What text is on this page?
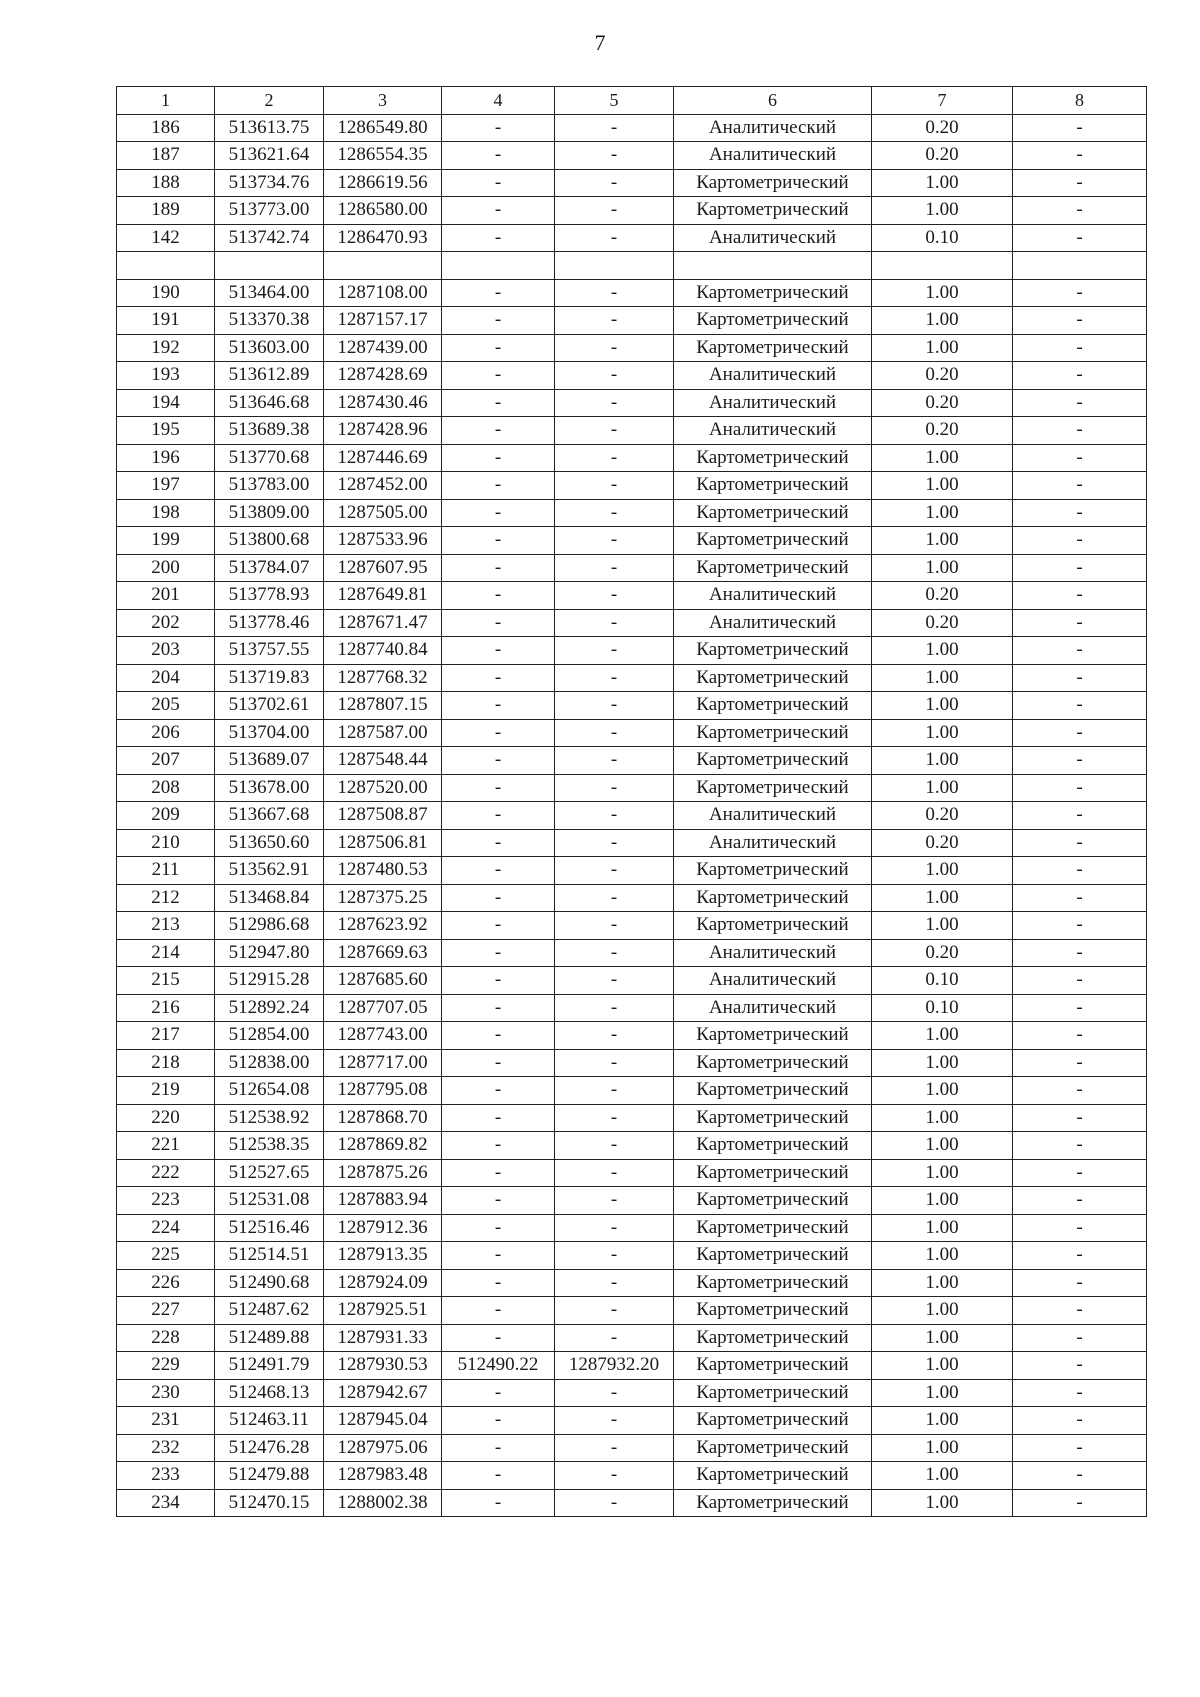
7
1	2	3	4	5	6	7	8
186	513613.75	1286549.80	-	-	Аналитический	0.20	-
187	513621.64	1286554.35	-	-	Аналитический	0.20	-
188	513734.76	1286619.56	-	-	Картометрический	1.00	-
189	513773.00	1286580.00	-	-	Картометрический	1.00	-
142	513742.74	1286470.93	-	-	Аналитический	0.10	-

190	513464.00	1287108.00	-	-	Картометрический	1.00	-
191	513370.38	1287157.17	-	-	Картометрический	1.00	-
192	513603.00	1287439.00	-	-	Картометрический	1.00	-
193	513612.89	1287428.69	-	-	Аналитический	0.20	-
194	513646.68	1287430.46	-	-	Аналитический	0.20	-
195	513689.38	1287428.96	-	-	Аналитический	0.20	-
196	513770.68	1287446.69	-	-	Картометрический	1.00	-
197	513783.00	1287452.00	-	-	Картометрический	1.00	-
198	513809.00	1287505.00	-	-	Картометрический	1.00	-
199	513800.68	1287533.96	-	-	Картометрический	1.00	-
200	513784.07	1287607.95	-	-	Картометрический	1.00	-
201	513778.93	1287649.81	-	-	Аналитический	0.20	-
202	513778.46	1287671.47	-	-	Аналитический	0.20	-
203	513757.55	1287740.84	-	-	Картометрический	1.00	-
204	513719.83	1287768.32	-	-	Картометрический	1.00	-
205	513702.61	1287807.15	-	-	Картометрический	1.00	-
206	513704.00	1287587.00	-	-	Картометрический	1.00	-
207	513689.07	1287548.44	-	-	Картометрический	1.00	-
208	513678.00	1287520.00	-	-	Картометрический	1.00	-
209	513667.68	1287508.87	-	-	Аналитический	0.20	-
210	513650.60	1287506.81	-	-	Аналитический	0.20	-
211	513562.91	1287480.53	-	-	Картометрический	1.00	-
212	513468.84	1287375.25	-	-	Картометрический	1.00	-
213	512986.68	1287623.92	-	-	Картометрический	1.00	-
214	512947.80	1287669.63	-	-	Аналитический	0.20	-
215	512915.28	1287685.60	-	-	Аналитический	0.10	-
216	512892.24	1287707.05	-	-	Аналитический	0.10	-
217	512854.00	1287743.00	-	-	Картометрический	1.00	-
218	512838.00	1287717.00	-	-	Картометрический	1.00	-
219	512654.08	1287795.08	-	-	Картометрический	1.00	-
220	512538.92	1287868.70	-	-	Картометрический	1.00	-
221	512538.35	1287869.82	-	-	Картометрический	1.00	-
222	512527.65	1287875.26	-	-	Картометрический	1.00	-
223	512531.08	1287883.94	-	-	Картометрический	1.00	-
224	512516.46	1287912.36	-	-	Картометрический	1.00	-
225	512514.51	1287913.35	-	-	Картометрический	1.00	-
226	512490.68	1287924.09	-	-	Картометрический	1.00	-
227	512487.62	1287925.51	-	-	Картометрический	1.00	-
228	512489.88	1287931.33	-	-	Картометрический	1.00	-
229	512491.79	1287930.53	512490.22	1287932.20	Картометрический	1.00	-
230	512468.13	1287942.67	-	-	Картометрический	1.00	-
231	512463.11	1287945.04	-	-	Картометрический	1.00	-
232	512476.28	1287975.06	-	-	Картометрический	1.00	-
233	512479.88	1287983.48	-	-	Картометрический	1.00	-
234	512470.15	1288002.38	-	-	Картометрический	1.00	-
